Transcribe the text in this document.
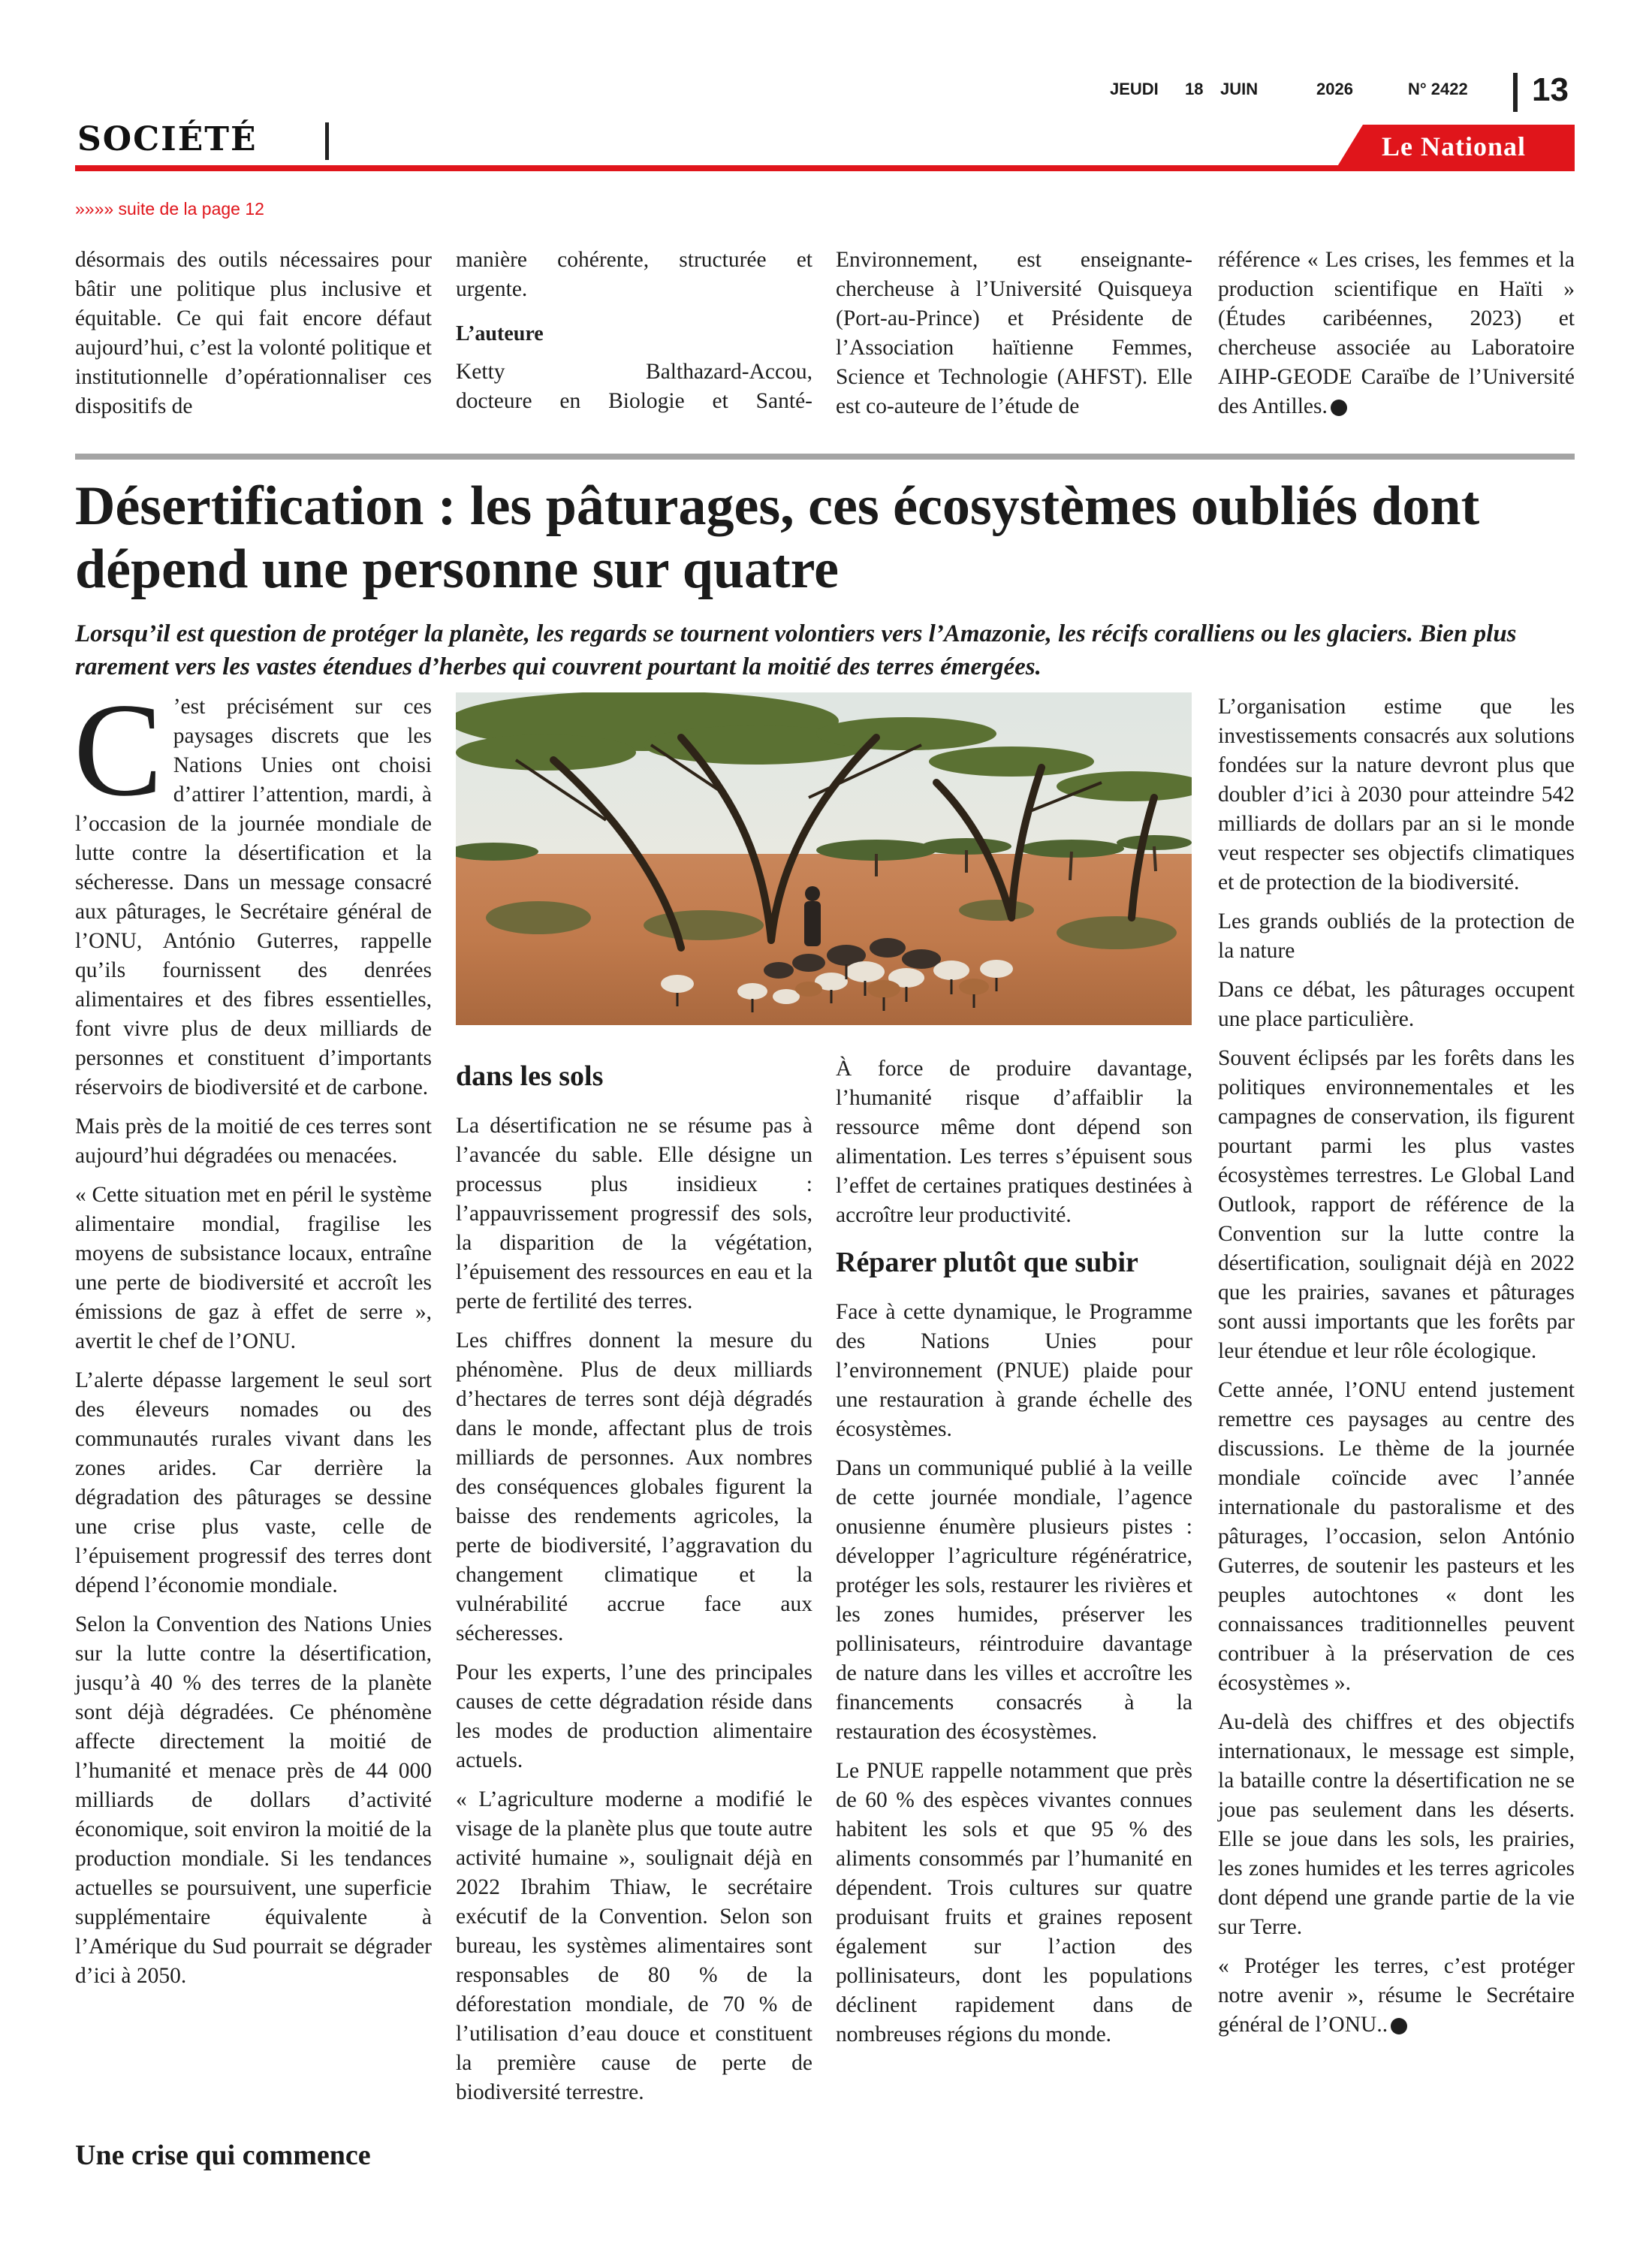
JEUDI 18 JUIN	2026	N° 2422 13
SOCIÉTÉ	Le National
»»»» suite de la page 12

désormais des outils nécessaires pour bâtir une politique plus inclusive et équitable. Ce qui fait encore défaut aujourd’hui, c’est la volonté politique et institutionnelle d’opérationnaliser ces dispositifs de

manière cohérente, structurée et urgente.

L’auteure

Ketty Balthazard-Accou,

docteure en Biologie et Santé-

Environnement, est enseignante-chercheuse à l’Université Quisqueya (Port-au-Prince) et Présidente de l’Association haïtienne Femmes, Science et Technologie (AHFST). Elle est co-auteure de l’étude de

référence « Les crises, les femmes et la production scientifique en Haïti » (Études caribéennes, 2023) et chercheuse associée au Laboratoire AIHP-GEODE Caraïbe de l’Université des Antilles.

Désertification : les pâturages, ces écosystèmes oubliés dont dépend une personne sur quatre
Lorsqu’il est question de protéger la planète, les regards se tournent volontiers vers l’Amazonie, les récifs coralliens ou les glaciers. Bien plus rarement vers les vastes étendues d’herbes qui couvrent pourtant la moitié des terres émergées.

C ’est précisément sur ces paysages discrets que les Nations Unies ont choisi d’attirer l’attention, mardi, à l’occasion de la journée mondiale de lutte contre la désertification et la sécheresse. Dans un message consacré aux pâturages, le Secrétaire général de l’ONU, António Guterres, rappelle qu’ils fournissent des denrées alimentaires et des fibres essentielles, font vivre plus de deux milliards de personnes et constituent d’importants réservoirs de biodiversité et de carbone.

Mais près de la moitié de ces terres sont aujourd’hui dégradées ou menacées.

« Cette situation met en péril le système alimentaire mondial, fragilise les moyens de subsistance locaux, entraîne une perte de biodiversité et accroît les émissions de gaz à effet de serre », avertit le chef de l’ONU.

L’alerte dépasse largement le seul sort des éleveurs nomades ou des communautés rurales vivant dans les zones arides. Car derrière la dégradation des pâturages se dessine une crise plus vaste, celle de l’épuisement progressif des terres dont dépend l’économie mondiale.

Selon la Convention des Nations Unies sur la lutte contre la désertification, jusqu’à 40 % des terres de la planète sont déjà dégradées. Ce phénomène affecte directement la moitié de l’humanité et menace près de 44 000 milliards de dollars d’activité économique, soit environ la moitié de la production mondiale. Si les tendances actuelles se poursuivent, une superficie supplémentaire équivalente à l’Amérique du Sud pourrait se dégrader d’ici à 2050.

Une crise qui commence
dans les sols

La désertification ne se résume pas à l’avancée du sable. Elle désigne un processus plus insidieux : l’appauvrissement progressif des sols, la disparition de la végétation, l’épuisement des ressources en eau et la perte de fertilité des terres.

Les chiffres donnent la mesure du phénomène. Plus de deux milliards d’hectares de terres sont déjà dégradés dans le monde, affectant plus de trois milliards de personnes. Aux nombres des conséquences globales figurent la baisse des rendements agricoles, la perte de biodiversité, l’aggravation du changement climatique et la vulnérabilité accrue face aux sécheresses.

Pour les experts, l’une des principales causes de cette dégradation réside dans les modes de production alimentaire actuels.

« L’agriculture moderne a modifié le visage de la planète plus que toute autre activité humaine », soulignait déjà en 2022 Ibrahim Thiaw, le secrétaire exécutif de la Convention. Selon son bureau, les systèmes alimentaires sont responsables de 80 % de la déforestation mondiale, de 70 % de l’utilisation d’eau douce et constituent la première cause de perte de biodiversité terrestre.

À force de produire davantage, l’humanité risque d’affaiblir la ressource même dont dépend son alimentation. Les terres s’épuisent sous l’effet de certaines pratiques destinées à accroître leur productivité.

Réparer plutôt que subir

Face à cette dynamique, le Programme des Nations Unies pour l’environnement (PNUE) plaide pour une restauration à grande échelle des écosystèmes.

Dans un communiqué publié à la veille de cette journée mondiale, l’agence onusienne énumère plusieurs pistes : développer l’agriculture régénératrice, protéger les sols, restaurer les rivières et les zones humides, préserver les pollinisateurs, réintroduire davantage de nature dans les villes et accroître les financements consacrés à la restauration des écosystèmes.

Le PNUE rappelle notamment que près de 60 % des espèces vivantes connues habitent les sols et que 95 % des aliments consommés par l’humanité en dépendent. Trois cultures sur quatre produisant fruits et graines reposent également sur l’action des pollinisateurs, dont les populations déclinent rapidement dans de nombreuses régions du monde.

L’organisation estime que les investissements consacrés aux solutions fondées sur la nature devront plus que doubler d’ici à 2030 pour atteindre 542 milliards de dollars par an si le monde veut respecter ses objectifs climatiques et de protection de la biodiversité.

Les grands oubliés de la protection de la nature

Dans ce débat, les pâturages occupent une place particulière.

Souvent éclipsés par les forêts dans les politiques environnementales et les campagnes de conservation, ils figurent pourtant parmi les plus vastes écosystèmes terrestres. Le Global Land Outlook, rapport de référence de la Convention sur la lutte contre la désertification, soulignait déjà en 2022 que les prairies, savanes et pâturages sont aussi importants que les forêts par leur étendue et leur rôle écologique.

Cette année, l’ONU entend justement remettre ces paysages au centre des discussions. Le thème de la journée mondiale coïncide avec l’année internationale du pastoralisme et des pâturages, l’occasion, selon António Guterres, de soutenir les pasteurs et les peuples autochtones « dont les connaissances traditionnelles peuvent contribuer à la préservation de ces écosystèmes ».

Au-delà des chiffres et des objectifs internationaux, le message est simple, la bataille contre la désertification ne se joue pas seulement dans les déserts. Elle se joue dans les sols, les prairies, les zones humides et les terres agricoles dont dépend une grande partie de la vie sur Terre.

« Protéger les terres, c’est protéger notre avenir », résume le Secrétaire général de l’ONU..
